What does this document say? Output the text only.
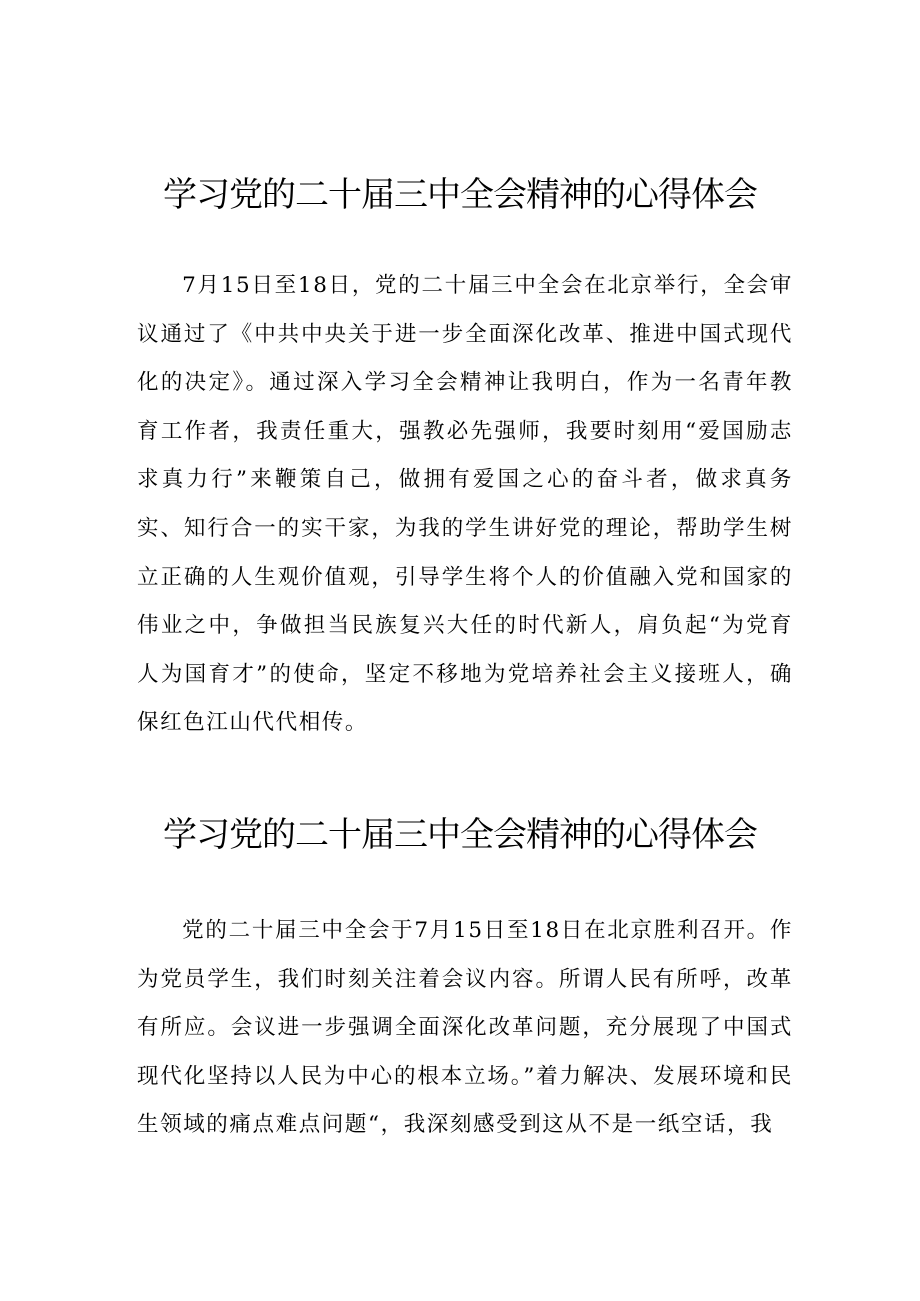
学习党的二十届三中全会精神的心得体会

7月15日至18日，党的二十届三中全会在北京举行，全会审议通过了《中共中央关于进一步全面深化改革、推进中国式现代化的决定》。通过深入学习全会精神让我明白，作为一名青年教育工作者，我责任重大，强教必先强师，我要时刻用“爱国励志求真力行”来鞭策自己，做拥有爱国之心的奋斗者，做求真务实、知行合一的实干家，为我的学生讲好党的理论，帮助学生树立正确的人生观价值观，引导学生将个人的价值融入党和国家的伟业之中，争做担当民族复兴大任的时代新人，肩负起“为党育人为国育才”的使命，坚定不移地为党培养社会主义接班人，确保红色江山代代相传。

学习党的二十届三中全会精神的心得体会

党的二十届三中全会于7月15日至18日在北京胜利召开。作为党员学生，我们时刻关注着会议内容。所谓人民有所呼，改革有所应。会议进一步强调全面深化改革问题，充分展现了中国式现代化坚持以人民为中心的根本立场。”着力解决、发展环境和民生领域的痛点难点问题“，我深刻感受到这从不是一纸空话，我
